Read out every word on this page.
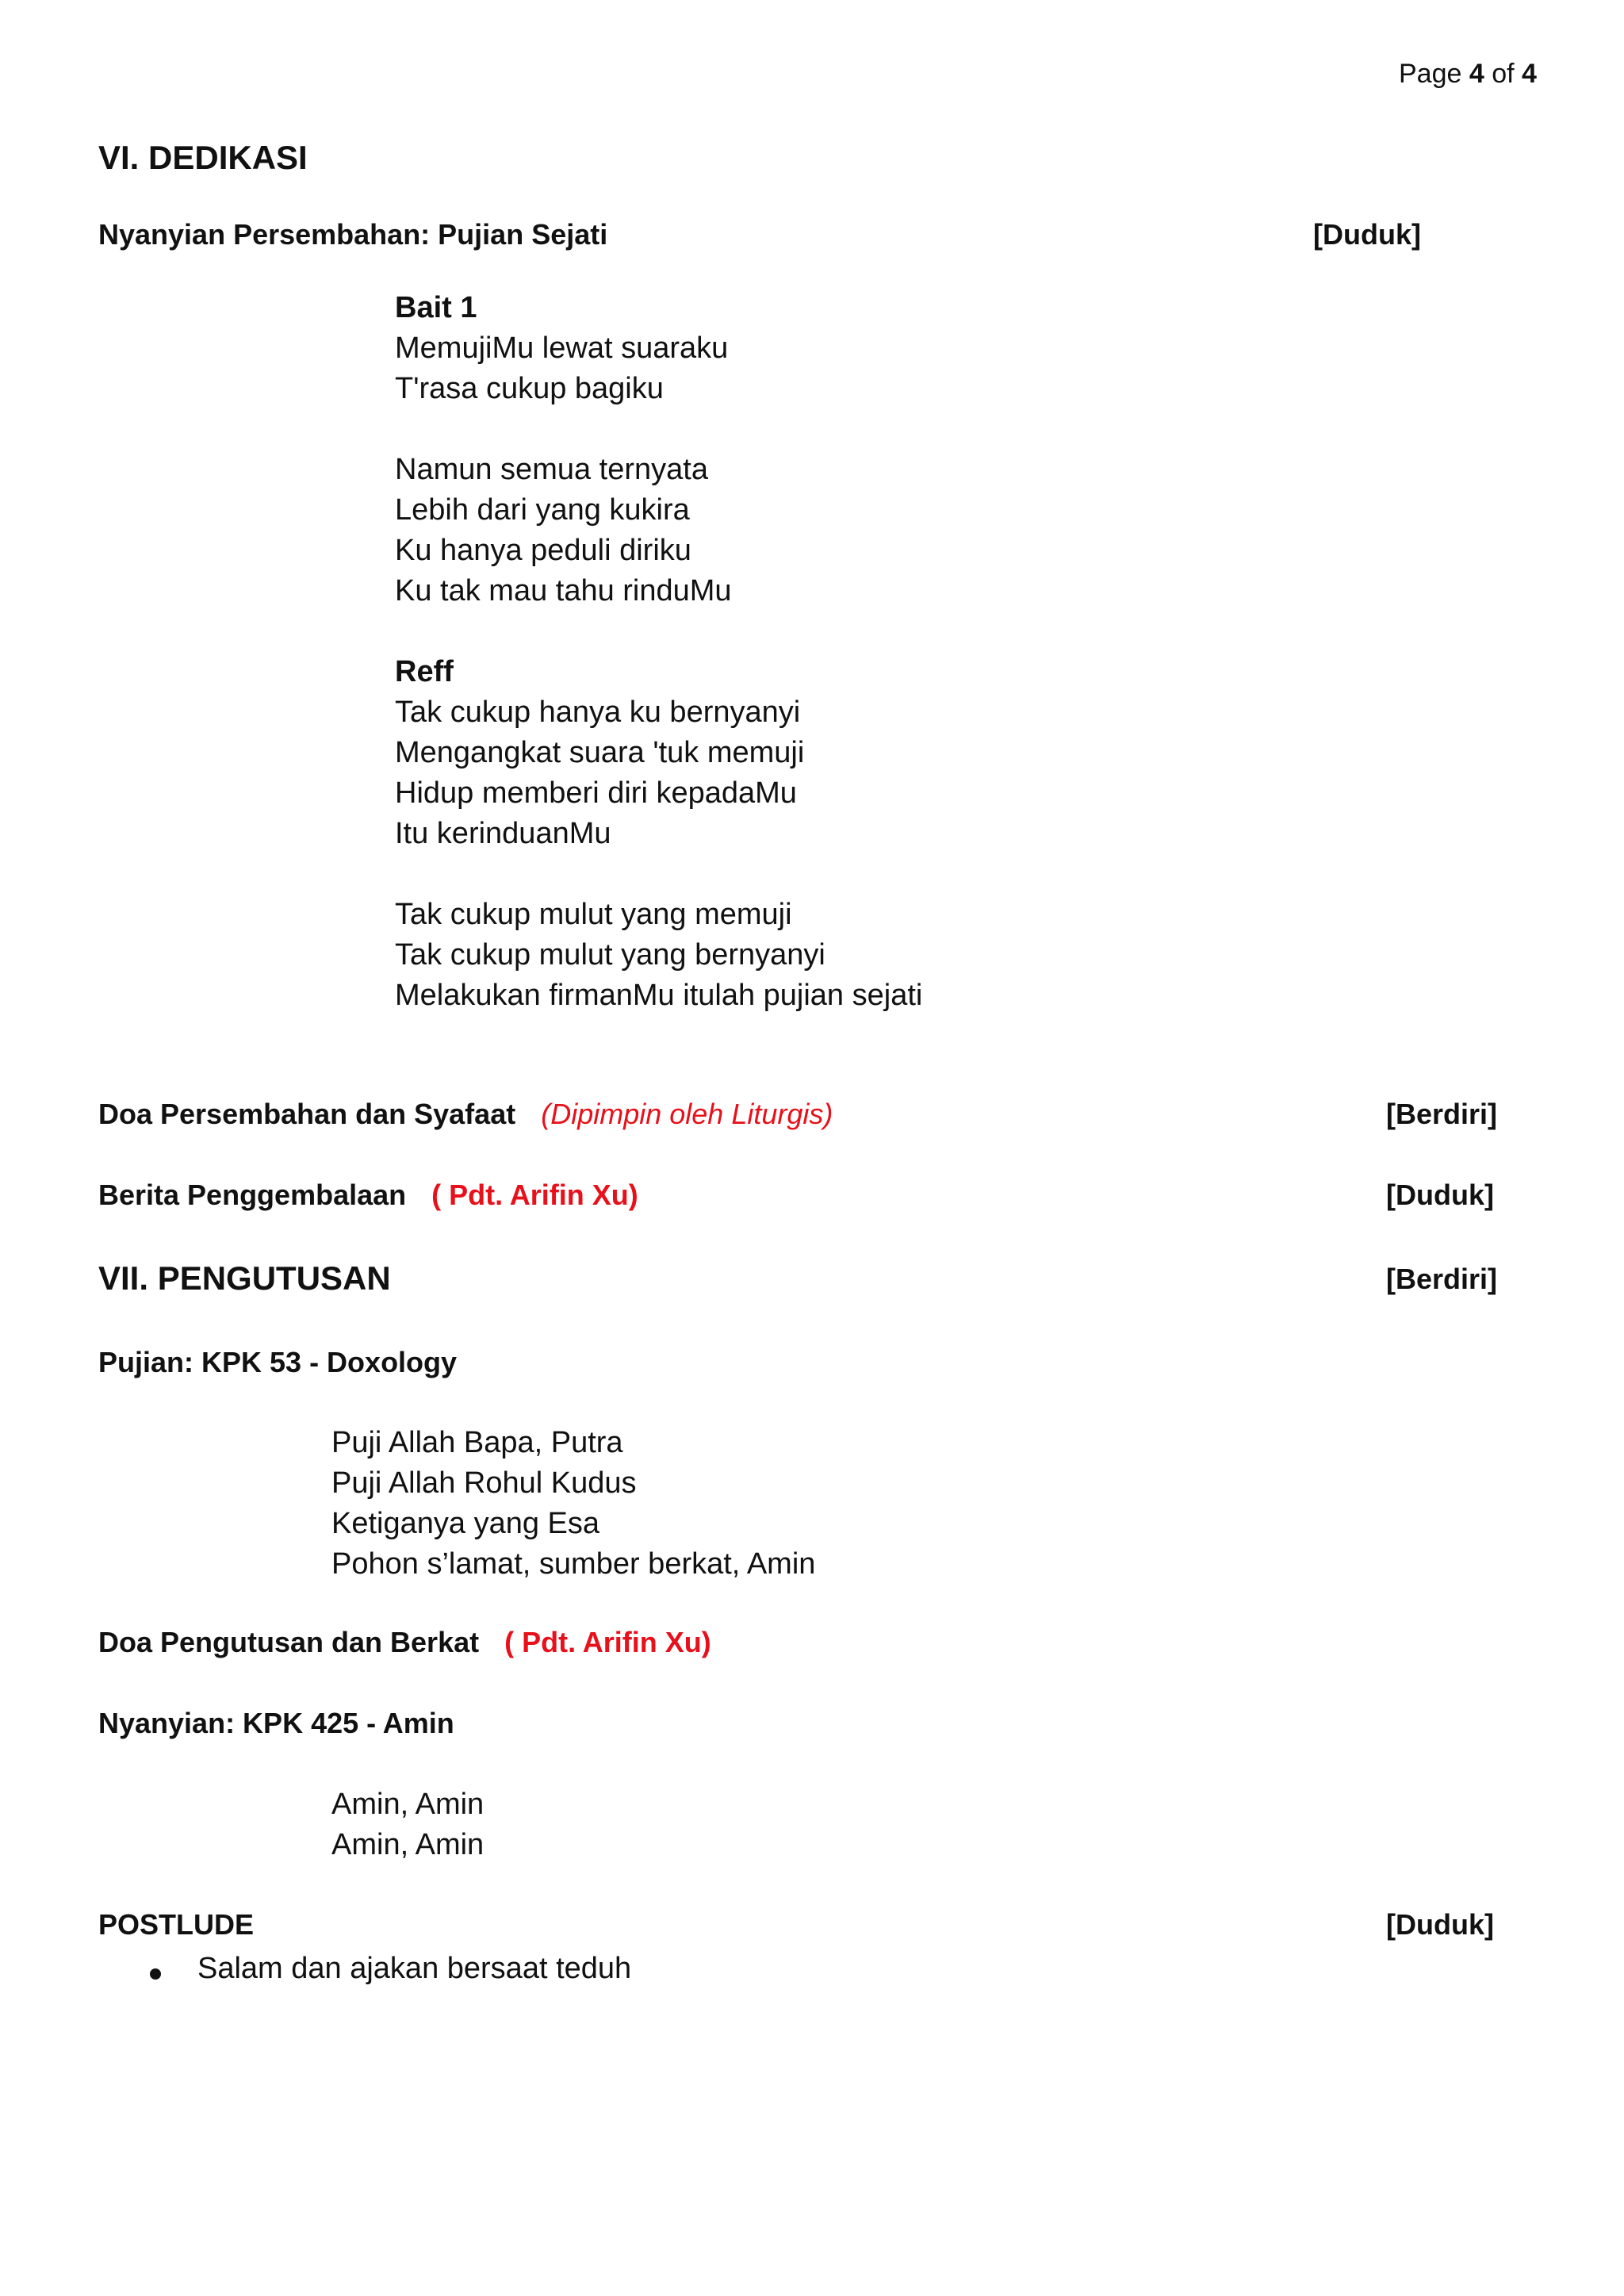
Page 4 of 4
VI. DEDIKASI
Nyanyian Persembahan: Pujian Sejati	[Duduk]
Bait 1
MemujiMu lewat suaraku
T'rasa cukup bagiku
Namun semua ternyata
Lebih dari yang kukira
Ku hanya peduli diriku
Ku tak mau tahu rinduMu
Reff
Tak cukup hanya ku bernyanyi
Mengangkat suara 'tuk memuji
Hidup memberi diri kepadaMu
Itu kerinduanMu
Tak cukup mulut yang memuji
Tak cukup mulut yang bernyanyi
Melakukan firmanMu itulah pujian sejati
Doa Persembahan dan Syafaat (Dipimpin oleh Liturgis)	[Berdiri]
Berita Penggembalaan ( Pdt. Arifin Xu)	[Duduk]
VII. PENGUTUSAN	[Berdiri]
Pujian: KPK 53 - Doxology
Puji Allah Bapa, Putra
Puji Allah Rohul Kudus
Ketiganya yang Esa
Pohon s’lamat, sumber berkat, Amin
Doa Pengutusan dan Berkat ( Pdt. Arifin Xu)
Nyanyian: KPK 425 - Amin
Amin, Amin
Amin, Amin
POSTLUDE	[Duduk]
Salam dan ajakan bersaat teduh
